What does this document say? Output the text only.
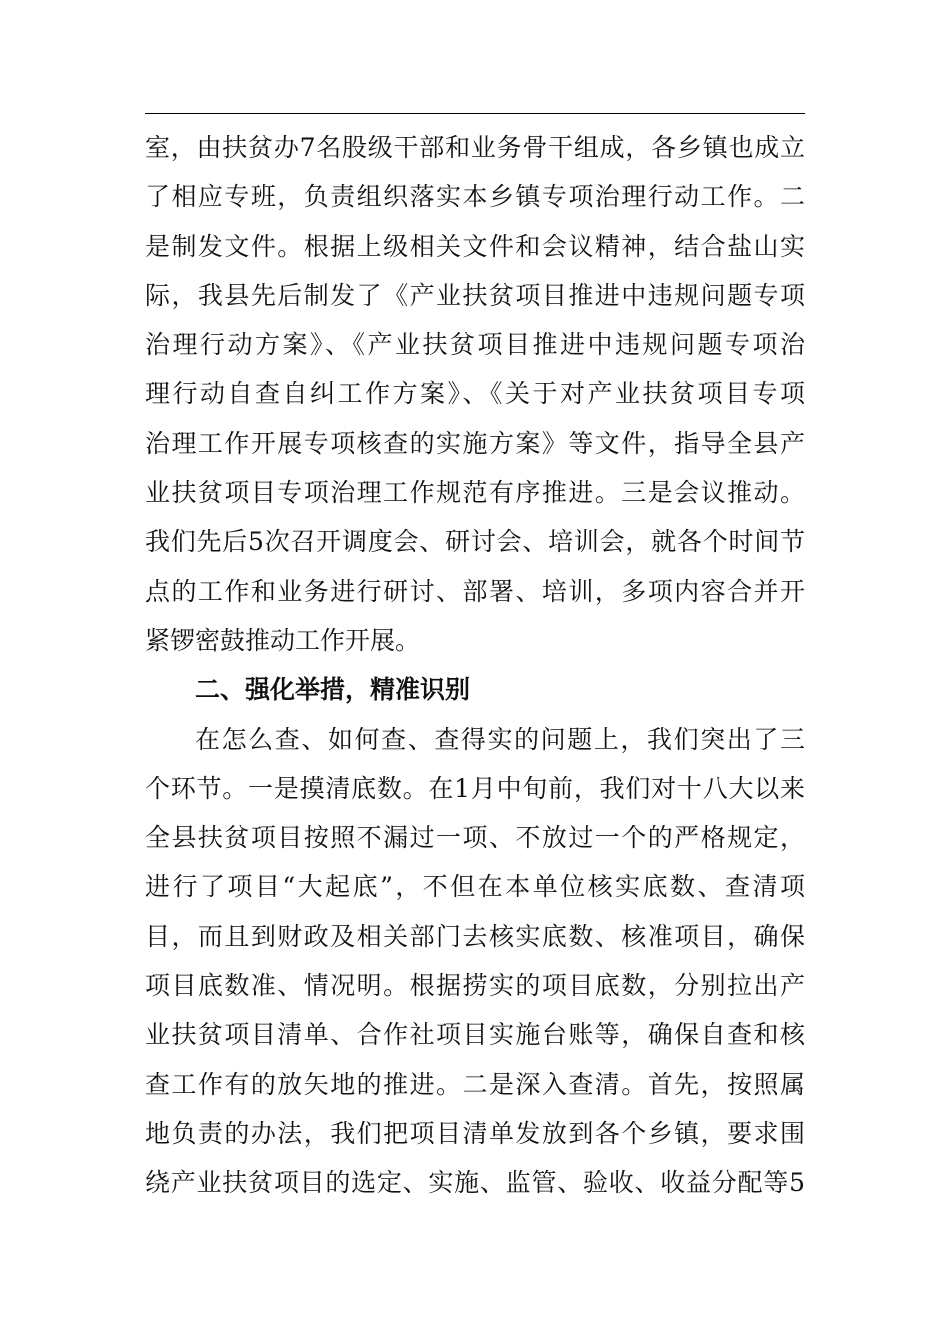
室，由扶贫办7名股级干部和业务骨干组成，各乡镇也成立
了相应专班，负责组织落实本乡镇专项治理行动工作。二
是制发文件。根据上级相关文件和会议精神，结合盐山实
际，我县先后制发了《产业扶贫项目推进中违规问题专项
治理行动方案》、《产业扶贫项目推进中违规问题专项治
理行动自查自纠工作方案》、《关于对产业扶贫项目专项
治理工作开展专项核查的实施方案》等文件，指导全县产
业扶贫项目专项治理工作规范有序推进。三是会议推动。
我们先后5次召开调度会、研讨会、培训会，就各个时间节
点的工作和业务进行研讨、部署、培训，多项内容合并开
紧锣密鼓推动工作开展。
二、强化举措，精准识别
在怎么查、如何查、查得实的问题上，我们突出了三
个环节。一是摸清底数。在1月中旬前，我们对十八大以来
全县扶贫项目按照不漏过一项、不放过一个的严格规定，
进行了项目“大起底”，不但在本单位核实底数、查清项
目，而且到财政及相关部门去核实底数、核准项目，确保
项目底数准、情况明。根据捞实的项目底数，分别拉出产
业扶贫项目清单、合作社项目实施台账等，确保自查和核
查工作有的放矢地的推进。二是深入查清。首先，按照属
地负责的办法，我们把项目清单发放到各个乡镇，要求围
绕产业扶贫项目的选定、实施、监管、验收、收益分配等5
